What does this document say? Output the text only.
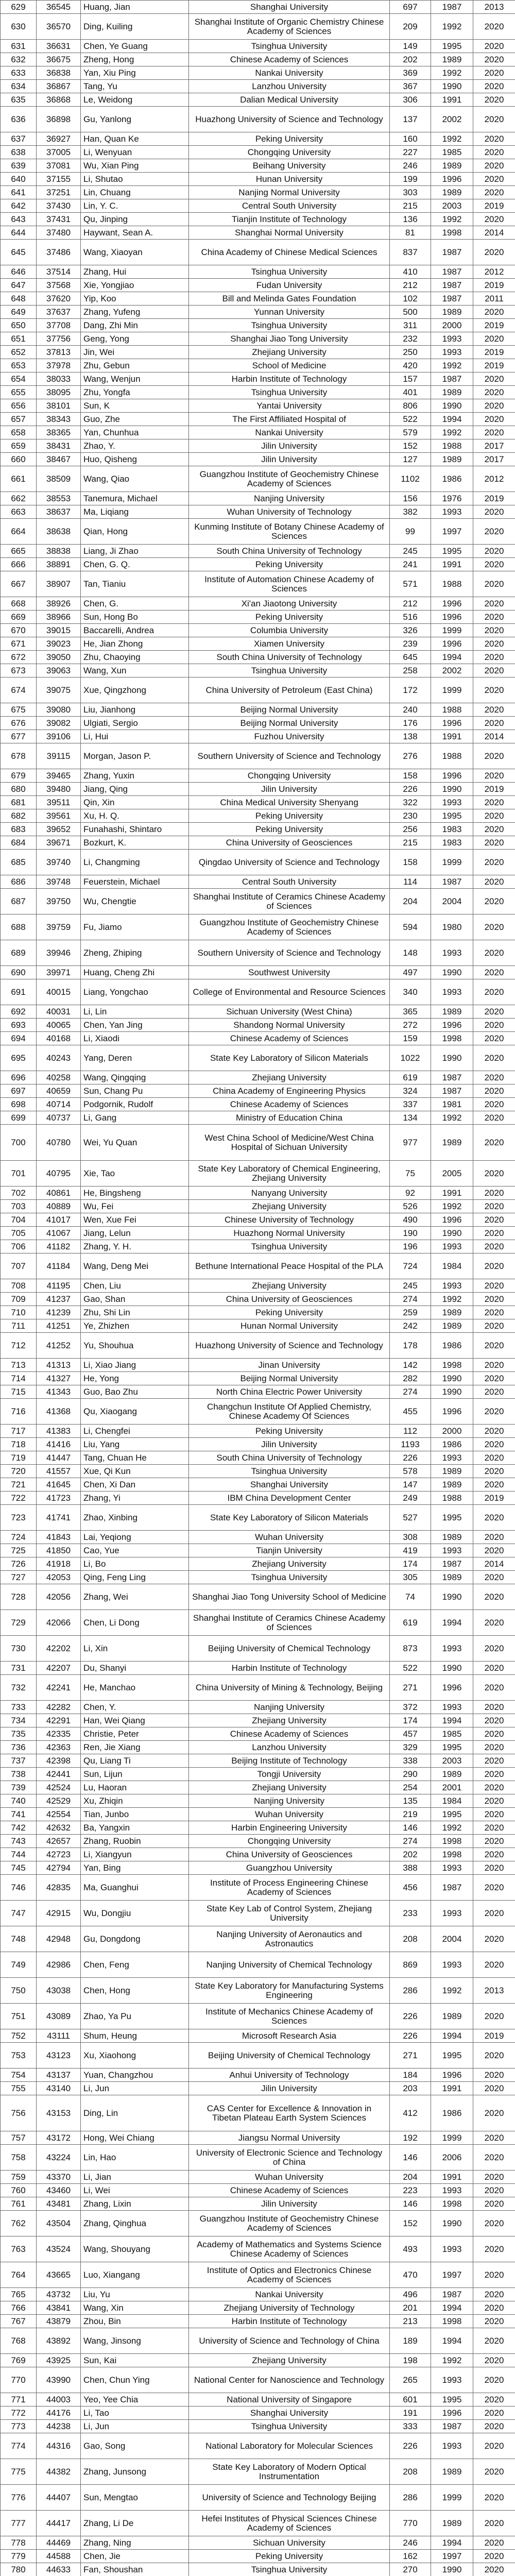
629	36545	Huang, Jian	Shanghai University	697	1987	2013
630	36570	Ding, Kuiling	Shanghai Institute of Organic Chemistry Chinese Academy of Sciences	209	1992	2020
631	36631	Chen, Ye Guang	Tsinghua University	149	1995	2020
632	36675	Zheng, Hong	Chinese Academy of Sciences	202	1989	2020
633	36838	Yan, Xiu Ping	Nankai University	369	1992	2020
634	36867	Tang, Yu	Lanzhou University	367	1990	2020
635	36868	Le, Weidong	Dalian Medical University	306	1991	2020
636	36898	Gu, Yanlong	Huazhong University of Science and Technology	137	2002	2020
637	36927	Han, Quan Ke	Peking University	160	1992	2020
638	37005	Li, Wenyuan	Chongqing University	227	1985	2020
639	37081	Wu, Xian Ping	Beihang University	246	1989	2020
640	37155	Li, Shutao	Hunan University	199	1996	2020
641	37251	Lin, Chuang	Nanjing Normal University	303	1989	2020
642	37430	Lin, Y. C.	Central South University	215	2003	2019
643	37431	Qu, Jinping	Tianjin Institute of Technology	136	1992	2020
644	37480	Haywant, Sean A.	Shanghai Normal University	81	1998	2014
645	37486	Wang, Xiaoyan	China Academy of Chinese Medical Sciences	837	1987	2020
646	37514	Zhang, Hui	Tsinghua University	410	1987	2012
647	37568	Xie, Yongjiao	Fudan University	212	1987	2019
648	37620	Yip, Koo	Bill and Melinda Gates Foundation	102	1987	2011
649	37637	Zhang, Yufeng	Yunnan University	500	1989	2020
650	37708	Dang, Zhi Min	Tsinghua University	311	2000	2019
651	37756	Geng, Yong	Shanghai Jiao Tong University	232	1993	2020
652	37813	Jin, Wei	Zhejiang University	250	1993	2019
653	37978	Zhu, Gebun	School of Medicine	420	1992	2019
654	38033	Wang, Wenjun	Harbin Institute of Technology	157	1987	2020
655	38095	Zhu, Yongfa	Tsinghua University	401	1989	2020
656	38101	Sun, K	Yantai University	806	1990	2020
657	38343	Guo, Zhe	The First Affiliated Hospital of	522	1994	2020
658	38365	Yan, Chunhua	Nankai University	579	1992	2020
659	38431	Zhao, Y.	Jilin University	152	1988	2017
660	38467	Huo, Qisheng	Jilin University	127	1989	2017
661	38509	Wang, Qiao	Guangzhou Institute of Geochemistry Chinese Academy of Sciences	1102	1986	2012
662	38553	Tanemura, Michael	Nanjing University	156	1976	2019
663	38637	Ma, Liqiang	Wuhan University of Technology	382	1993	2020
664	38638	Qian, Hong	Kunming Institute of Botany Chinese Academy of Sciences	99	1997	2020
665	38838	Liang, Ji Zhao	South China University of Technology	245	1995	2020
666	38891	Chen, G. Q.	Peking University	241	1991	2020
667	38907	Tan, Tianiu	Institute of Automation Chinese Academy of Sciences	571	1988	2020
668	38926	Chen, G.	Xi'an Jiaotong University	212	1996	2020
669	38966	Sun, Hong Bo	Peking University	516	1996	2020
670	39015	Baccarelli, Andrea	Columbia University	326	1999	2020
671	39023	He, Jian Zhong	Xiamen University	239	1996	2020
672	39050	Zhu, Chaoying	South China University of Technology	645	1994	2020
673	39063	Wang, Xun	Tsinghua University	258	2002	2020
674	39075	Xue, Qingzhong	China University of Petroleum (East China)	172	1999	2020
675	39080	Liu, Jianhong	Beijing Normal University	240	1988	2020
676	39082	Ulgiati, Sergio	Beijing Normal University	176	1996	2020
677	39106	Li, Hui	Fuzhou University	138	1991	2014
678	39115	Morgan, Jason P.	Southern University of Science and Technology	276	1988	2020
679	39465	Zhang, Yuxin	Chongqing University	158	1996	2020
680	39480	Jiang, Qing	Jilin University	226	1990	2019
681	39511	Qin, Xin	China Medical University Shenyang	322	1993	2020
682	39561	Xu, H. Q.	Peking University	230	1995	2020
683	39652	Funahashi, Shintaro	Peking University	256	1983	2020
684	39671	Bozkurt, K.	China University of Geosciences	215	1983	2020
685	39740	Li, Changming	Qingdao University of Science and Technology	158	1999	2020
686	39748	Feuerstein, Michael	Central South University	114	1987	2020
687	39750	Wu, Chengtie	Shanghai Institute of Ceramics Chinese Academy of Sciences	204	2004	2020
688	39759	Fu, Jiamo	Guangzhou Institute of Geochemistry Chinese Academy of Sciences	594	1980	2020
689	39946	Zheng, Zhiping	Southern University of Science and Technology	148	1993	2020
690	39971	Huang, Cheng Zhi	Southwest University	497	1990	2020
691	40015	Liang, Yongchao	College of Environmental and Resource Sciences	340	1993	2020
692	40031	Li, Lin	Sichuan University (West China)	365	1989	2020
693	40065	Chen, Yan Jing	Shandong Normal University	272	1996	2020
694	40168	Li, Xiaodi	Chinese Academy of Sciences	159	1998	2020
695	40243	Yang, Deren	State Key Laboratory of Silicon Materials	1022	1990	2020
696	40258	Wang, Qingqing	Zhejiang University	619	1987	2020
697	40659	Sun, Chang Pu	China Academy of Engineering Physics	324	1987	2020
698	40714	Podgornik, Rudolf	Chinese Academy of Sciences	337	1981	2020
699	40737	Li, Gang	Ministry of Education China	134	1992	2020
700	40780	Wei, Yu Quan	West China School of Medicine/West China Hospital of Sichuan University	977	1989	2020
701	40795	Xie, Tao	State Key Laboratory of Chemical Engineering, Zhejiang University	75	2005	2020
702	40861	He, Bingsheng	Nanyang University	92	1991	2020
703	40889	Wu, Fei	Zhejiang University	526	1992	2020
704	41017	Wen, Xue Fei	Chinese University of Technology	490	1996	2020
705	41067	Jiang, Lelun	Huazhong Normal University	190	1990	2020
706	41182	Zhang, Y. H.	Tsinghua University	196	1993	2020
707	41184	Wang, Deng Mei	Bethune International Peace Hospital of the PLA	724	1984	2020
708	41195	Chen, Liu	Zhejiang University	245	1993	2020
709	41237	Gao, Shan	China University of Geosciences	274	1992	2020
710	41239	Zhu, Shi Lin	Peking University	259	1989	2020
711	41251	Ye, Zhizhen	Hunan Normal University	242	1989	2020
712	41252	Yu, Shouhua	Huazhong University of Science and Technology	178	1986	2020
713	41313	Li, Xiao Jiang	Jinan University	142	1998	2020
714	41327	He, Yong	Beijing Normal University	282	1990	2020
715	41343	Guo, Bao Zhu	North China Electric Power University	274	1990	2020
716	41368	Qu, Xiaogang	Changchun Institute Of Applied Chemistry, Chinese Academy Of Sciences	455	1996	2020
717	41383	Li, Chengfei	Peking University	112	2000	2020
718	41416	Liu, Yang	Jilin University	1193	1986	2020
719	41447	Tang, Chuan He	South China University of Technology	226	1993	2020
720	41557	Xue, Qi Kun	Tsinghua University	578	1989	2020
721	41645	Chen, Xi Dan	Shanghai University	147	1989	2020
722	41723	Zhang, Yi	IBM China Development Center	249	1988	2019
723	41741	Zhao, Xinbing	State Key Laboratory of Silicon Materials	527	1995	2020
724	41843	Lai, Yeqiong	Wuhan University	308	1989	2020
725	41850	Cao, Yue	Tianjin University	419	1993	2020
726	41918	Li, Bo	Zhejiang University	174	1987	2014
727	42053	Qing, Feng Ling	Tsinghua University	305	1989	2020
728	42056	Zhang, Wei	Shanghai Jiao Tong University School of Medicine	74	1990	2020
729	42066	Chen, Li Dong	Shanghai Institute of Ceramics Chinese Academy of Sciences	619	1994	2020
730	42202	Li, Xin	Beijing University of Chemical Technology	873	1993	2020
731	42207	Du, Shanyi	Harbin Institute of Technology	522	1990	2020
732	42241	He, Manchao	China University of Mining & Technology, Beijing	271	1996	2020
733	42282	Chen, Y.	Nanjing University	372	1993	2020
734	42291	Han, Wei Qiang	Zhejiang University	174	1994	2020
735	42335	Christie, Peter	Chinese Academy of Sciences	457	1985	2020
736	42363	Ren, Jie Xiang	Lanzhou University	329	1995	2020
737	42398	Qu, Liang Ti	Beijing Institute of Technology	338	2003	2020
738	42441	Sun, Lijun	Tongji University	290	1989	2020
739	42524	Lu, Haoran	Zhejiang University	254	2001	2020
740	42529	Xu, Zhiqin	Nanjing University	135	1984	2020
741	42554	Tian, Junbo	Wuhan University	219	1995	2020
742	42632	Ba, Yangxin	Harbin Engineering University	146	1992	2020
743	42657	Zhang, Ruobin	Chongqing University	274	1998	2020
744	42723	Li, Xiangyun	China University of Geosciences	202	1998	2020
745	42794	Yan, Bing	Guangzhou University	388	1993	2020
746	42835	Ma, Guanghui	Institute of Process Engineering Chinese Academy of Sciences	456	1987	2020
747	42915	Wu, Dongjiu	State Key Lab of Control System, Zhejiang University	233	1993	2020
748	42948	Gu, Dongdong	Nanjing University of Aeronautics and Astronautics	208	2004	2020
749	42986	Chen, Feng	Nanjing University of Chemical Technology	869	1993	2020
750	43038	Chen, Hong	State Key Laboratory for Manufacturing Systems Engineering	286	1992	2013
751	43089	Zhao, Ya Pu	Institute of Mechanics Chinese Academy of Sciences	226	1989	2020
752	43111	Shum, Heung	Microsoft Research Asia	226	1994	2019
753	43123	Xu, Xiaohong	Beijing University of Chemical Technology	271	1995	2020
754	43137	Yuan, Changzhou	Anhui University of Technology	184	1996	2020
755	43140	Li, Jun	Jilin University	203	1991	2020
756	43153	Ding, Lin	CAS Center for Excellence & Innovation in Tibetan Plateau Earth System Sciences	412	1986	2020
757	43172	Hong, Wei Chiang	Jiangsu Normal University	192	1999	2020
758	43224	Lin, Hao	University of Electronic Science and Technology of China	146	2006	2020
759	43370	Li, Jian	Wuhan University	204	1991	2020
760	43460	Li, Wei	Chinese Academy of Sciences	223	1993	2020
761	43481	Zhang, Lixin	Jilin University	146	1998	2020
762	43504	Zhang, Qinghua	Guangzhou Institute of Geochemistry Chinese Academy of Sciences	152	1990	2020
763	43524	Wang, Shouyang	Academy of Mathematics and Systems Science Chinese Academy of Sciences	493	1993	2020
764	43665	Luo, Xiangang	Institute of Optics and Electronics Chinese Academy of Sciences	470	1997	2020
765	43732	Liu, Yu	Nankai University	496	1987	2020
766	43841	Wang, Xin	Zhejiang University of Technology	201	1994	2020
767	43879	Zhou, Bin	Harbin Institute of Technology	213	1998	2020
768	43892	Wang, Jinsong	University of Science and Technology of China	189	1994	2020
769	43925	Sun, Kai	Zhejiang University	198	1992	2020
770	43990	Chen, Chun Ying	National Center for Nanoscience and Technology	265	1993	2020
771	44003	Yeo, Yee Chia	National University of Singapore	601	1995	2020
772	44176	Li, Tao	Shanghai University	191	1996	2020
773	44238	Li, Jun	Tsinghua University	333	1987	2020
774	44316	Gao, Song	National Laboratory for Molecular Sciences	226	1993	2020
775	44382	Zhang, Junsong	State Key Laboratory of Modern Optical Instrumentation	208	1989	2020
776	44407	Sun, Mengtao	University of Science and Technology Beijing	286	1999	2020
777	44417	Zhang, Li De	Hefei Institutes of Physical Sciences Chinese Academy of Sciences	770	1989	2020
778	44469	Zhang, Ning	Sichuan University	246	1994	2020
779	44588	Chen, Jie	Peking University	162	1997	2020
780	44633	Fan, Shoushan	Tsinghua University	270	1990	2020
